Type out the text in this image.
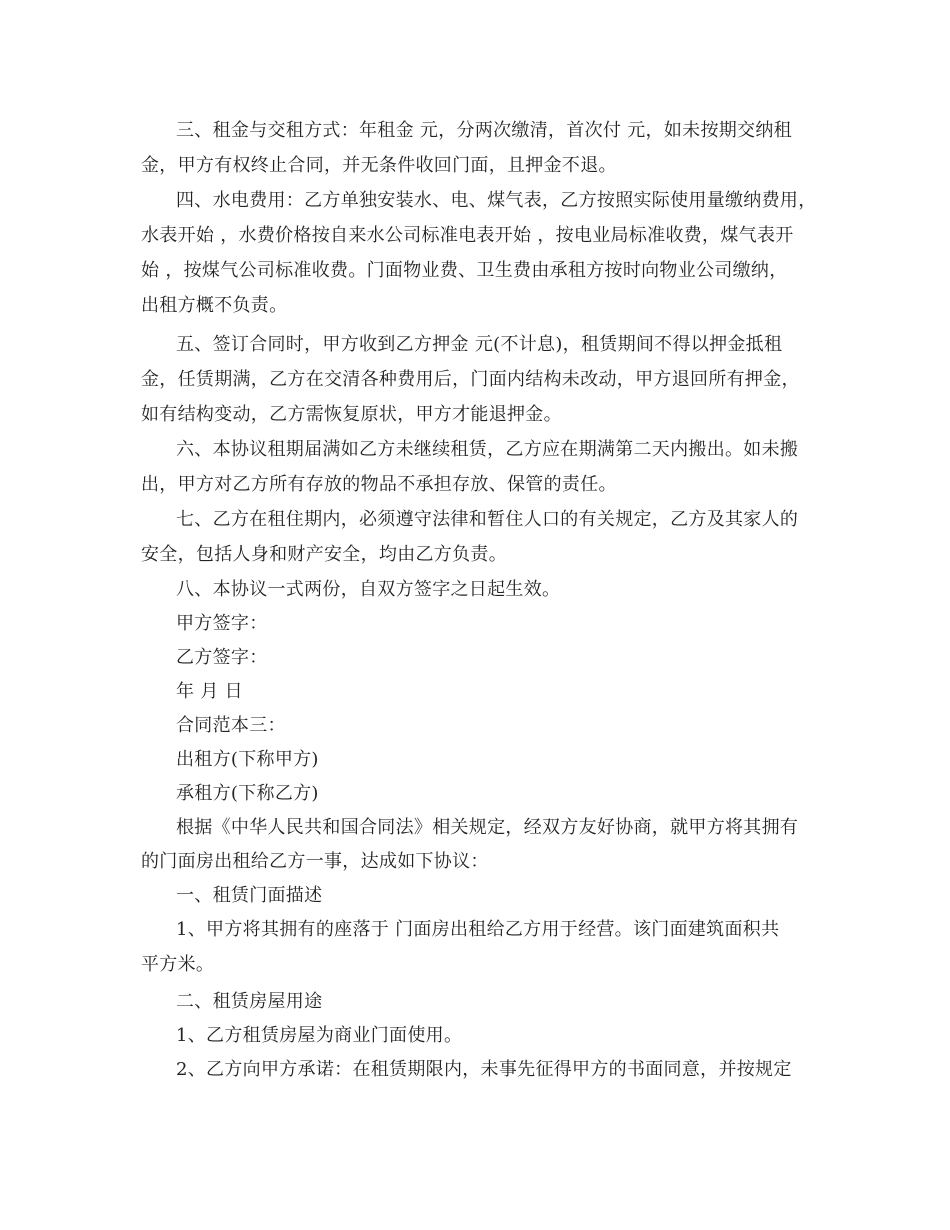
三、租金与交租方式：年租金 元，分两次缴清，首次付 元，如未按期交纳租
金，甲方有权终止合同，并无条件收回门面，且押金不退。
四、水电费用：乙方单独安装水、电、煤气表，乙方按照实际使用量缴纳费用，
水表开始 ，水费价格按自来水公司标准电表开始 ，按电业局标准收费，煤气表开
始 ，按煤气公司标准收费。门面物业费、卫生费由承租方按时向物业公司缴纳，
出租方概不负责。
五、签订合同时，甲方收到乙方押金 元(不计息)，租赁期间不得以押金抵租
金，任赁期满，乙方在交清各种费用后，门面内结构未改动，甲方退回所有押金，
如有结构变动，乙方需恢复原状，甲方才能退押金。
六、本协议租期届满如乙方未继续租赁，乙方应在期满第二天内搬出。如未搬
出，甲方对乙方所有存放的物品不承担存放、保管的责任。
七、乙方在租住期内，必须遵守法律和暂住人口的有关规定，乙方及其家人的
安全，包括人身和财产安全，均由乙方负责。
八、本协议一式两份，自双方签字之日起生效。
甲方签字：
乙方签字：
年 月 日
合同范本三：
出租方(下称甲方)
承租方(下称乙方)
根据《中华人民共和国合同法》相关规定，经双方友好协商，就甲方将其拥有
的门面房出租给乙方一事，达成如下协议：
一、租赁门面描述
1、甲方将其拥有的座落于 门面房出租给乙方用于经营。该门面建筑面积共
平方米。
二、租赁房屋用途
1、乙方租赁房屋为商业门面使用。
2、乙方向甲方承诺：在租赁期限内，未事先征得甲方的书面同意，并按规定
